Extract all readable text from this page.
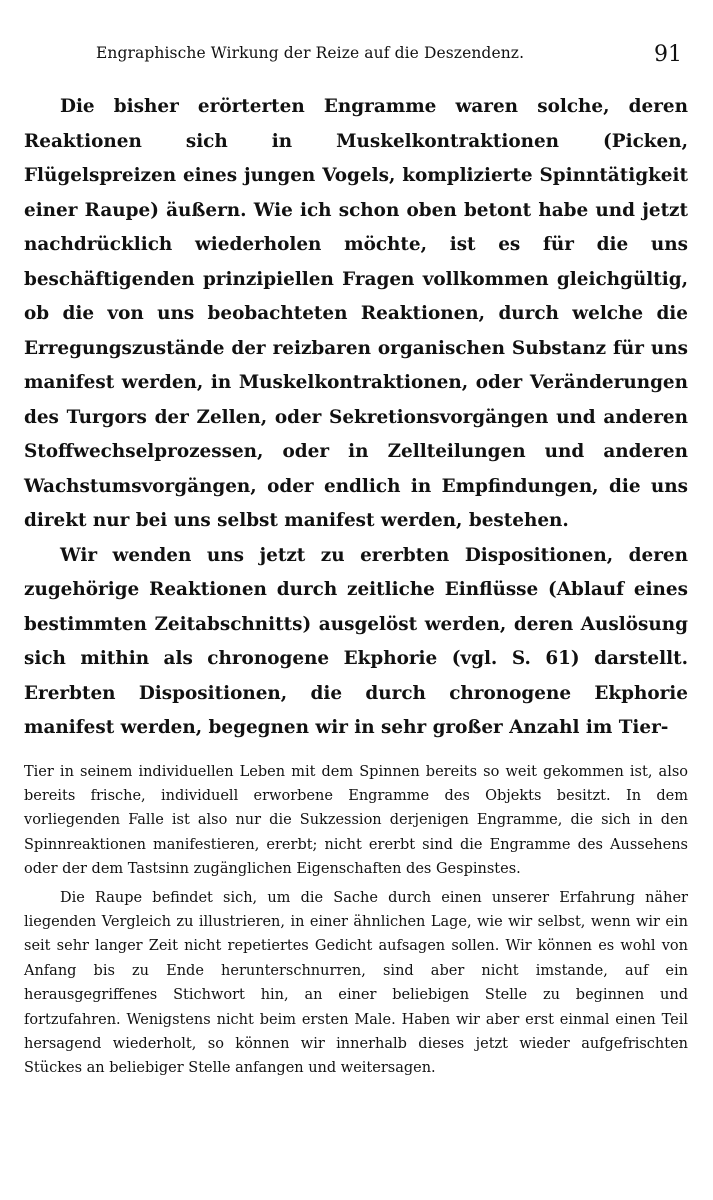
Engraphische Wirkung der Reize auf die Deszendenz.	91

Die bisher erörterten Engramme waren solche, deren Reaktionen sich in Muskelkontraktionen (Picken, Flügelspreizen eines jungen Vogels, komplizierte Spinntätigkeit einer Raupe) äußern. Wie ich schon oben betont habe und jetzt nachdrücklich wiederholen möchte, ist es für die uns beschäftigenden prinzipiellen Fragen vollkommen gleichgültig, ob die von uns beobachteten Reaktionen, durch welche die Erregungszustände der reizbaren organischen Substanz für uns manifest werden, in Muskelkontraktionen, oder Veränderungen des Turgors der Zellen, oder Sekretionsvorgängen und anderen Stoffwechselprozessen, oder in Zellteilungen und anderen Wachstumsvorgängen, oder endlich in Empfindungen, die uns direkt nur bei uns selbst manifest werden, bestehen.

Wir wenden uns jetzt zu ererbten Dispositionen, deren zugehörige Reaktionen durch zeitliche Einflüsse (Ablauf eines bestimmten Zeitabschnitts) ausgelöst werden, deren Auslösung sich mithin als chronogene Ekphorie (vgl. S. 61) darstellt. Ererbten Dispositionen, die durch chronogene Ekphorie manifest werden, begegnen wir in sehr großer Anzahl im Tier-

Tier in seinem individuellen Leben mit dem Spinnen bereits so weit gekommen ist, also bereits frische, individuell erworbene Engramme des Objekts besitzt. In dem vorliegenden Falle ist also nur die Sukzession derjenigen Engramme, die sich in den Spinnreaktionen manifestieren, ererbt; nicht ererbt sind die Engramme des Aussehens oder der dem Tastsinn zugänglichen Eigenschaften des Gespinstes.

Die Raupe befindet sich, um die Sache durch einen unserer Erfahrung näher liegenden Vergleich zu illustrieren, in einer ähnlichen Lage, wie wir selbst, wenn wir ein seit sehr langer Zeit nicht repetiertes Gedicht aufsagen sollen. Wir können es wohl von Anfang bis zu Ende herunterschnurren, sind aber nicht imstande, auf ein herausgegriffenes Stichwort hin, an einer beliebigen Stelle zu beginnen und fortzufahren. Wenigstens nicht beim ersten Male. Haben wir aber erst einmal einen Teil hersagend wiederholt, so können wir innerhalb dieses jetzt wieder aufgefrischten Stückes an beliebiger Stelle anfangen und weitersagen.
